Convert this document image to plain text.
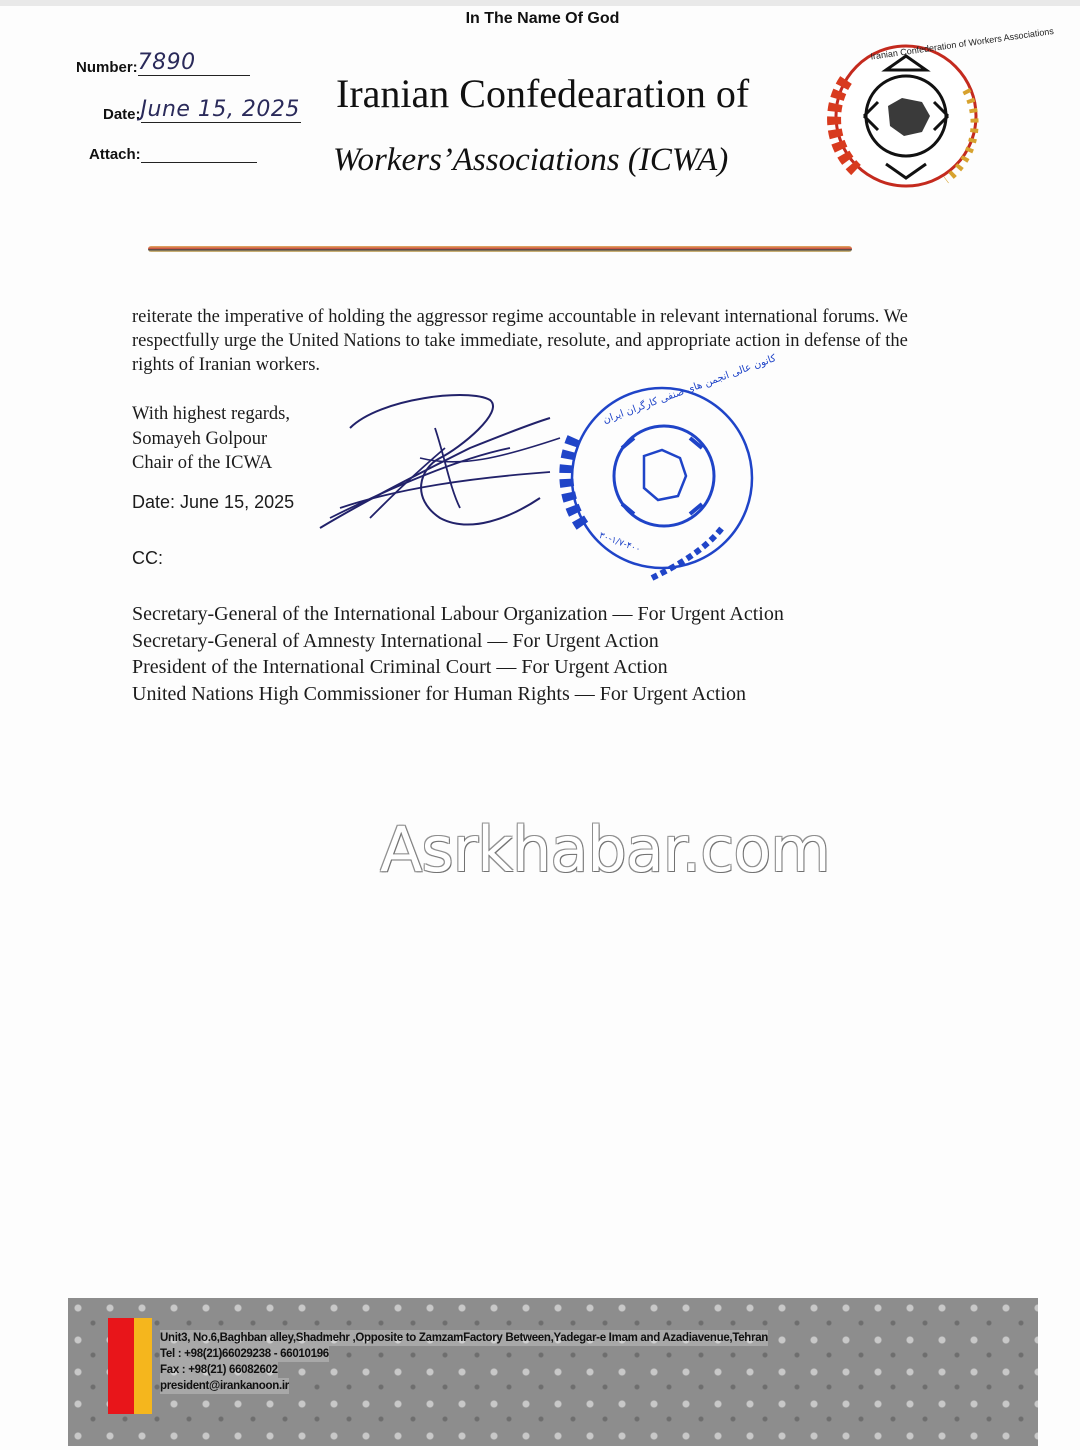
In The Name Of God
Number:7890
Date:June 15, 2025
Attach:
Iranian Confedearation of
Workers’Associations (ICWA)
Iranian Confederation of Workers Associations
reiterate the imperative of holding the aggressor regime accountable in relevant international forums. We respectfully urge the United Nations to take immediate, resolute, and appropriate action in defense of the rights of Iranian workers.
With highest regards,
Somayeh Golpour
Chair of the ICWA
Date: June 15, 2025
کانون عالی انجمن های صنفی کارگران ایران
۳۰-۱/۷-۴۰۰
CC:
Secretary-General of the International Labour Organization — For Urgent Action
Secretary-General of Amnesty International — For Urgent Action
President of the International Criminal Court — For Urgent Action
United Nations High Commissioner for Human Rights — For Urgent Action
Asrkhabar.com
Unit3, No.6,Baghban alley,Shadmehr ,Opposite to ZamzamFactory Between,Yadegar-e Imam and Azadiavenue,Tehran
Tel : +98(21)66029238 - 66010196
Fax : +98(21) 66082602
president@irankanoon.ir
